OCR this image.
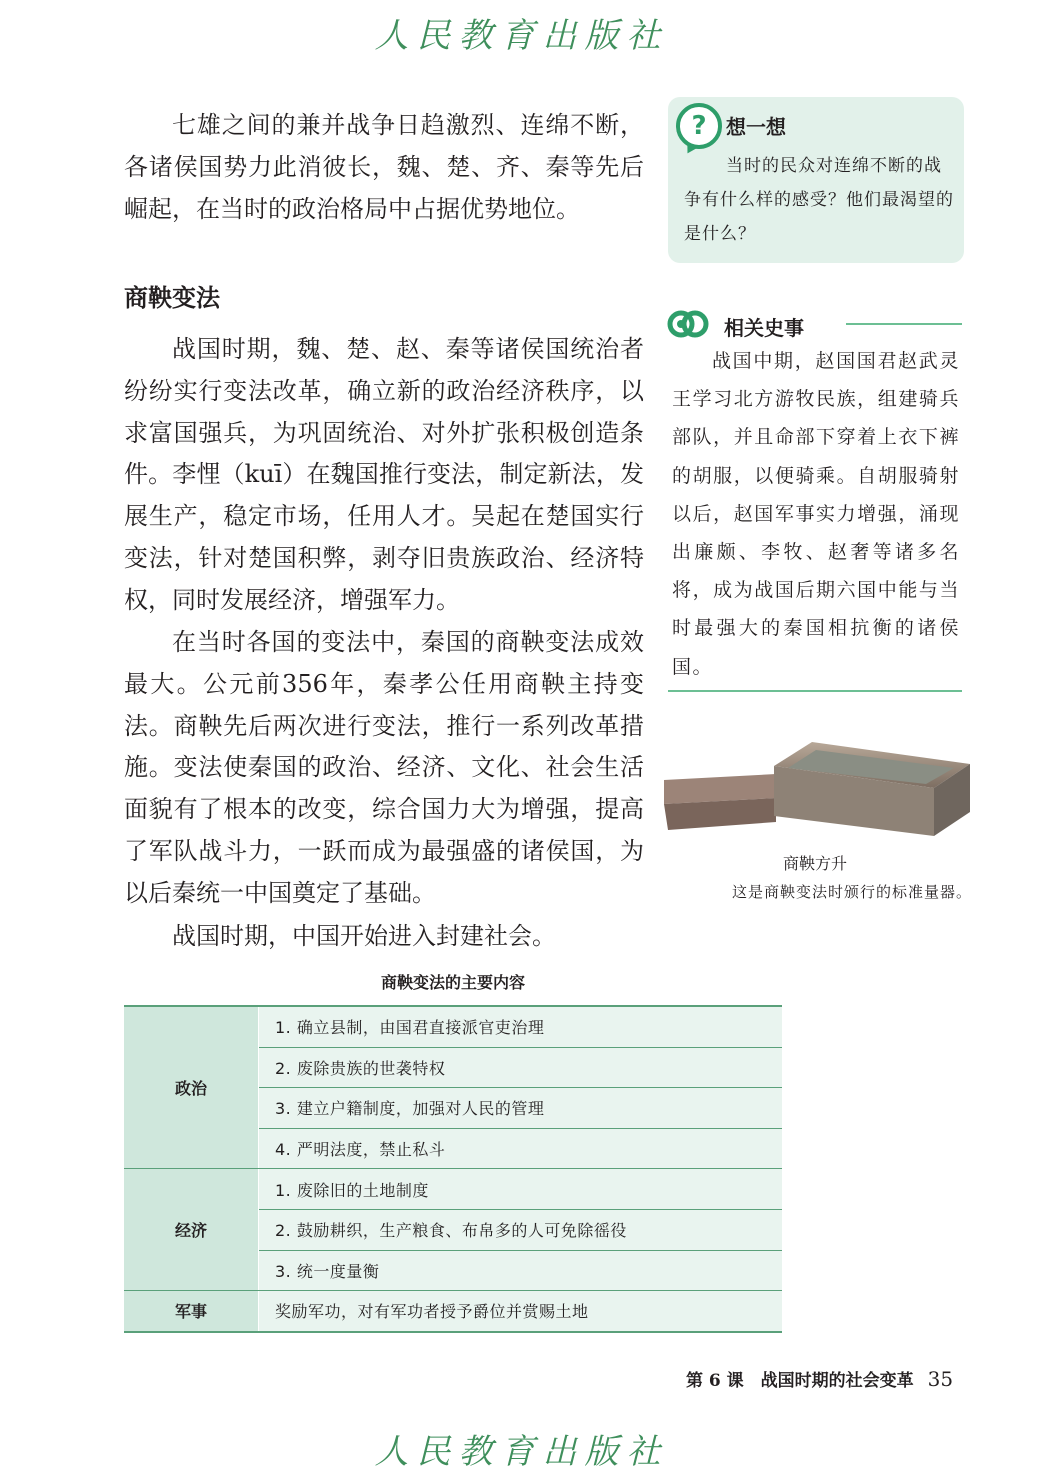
人民教育出版社

七雄之间的兼并战争日趋激烈、连绵不断，各诸侯国势力此消彼长，魏、楚、齐、秦等先后崛起，在当时的政治格局中占据优势地位。

商鞅变法

战国时期，魏、楚、赵、秦等诸侯国统治者纷纷实行变法改革，确立新的政治经济秩序，以求富国强兵，为巩固统治、对外扩张积极创造条件。李悝（kuī）在魏国推行变法，制定新法，发展生产，稳定市场，任用人才。吴起在楚国实行变法，针对楚国积弊，剥夺旧贵族政治、经济特权，同时发展经济，增强军力。

在当时各国的变法中，秦国的商鞅变法成效最大。公元前356年，秦孝公任用商鞅主持变法。商鞅先后两次进行变法，推行一系列改革措施。变法使秦国的政治、经济、文化、社会生活面貌有了根本的改变，综合国力大为增强，提高了军队战斗力，一跃而成为最强盛的诸侯国，为以后秦统一中国奠定了基础。

战国时期，中国开始进入封建社会。

? 想一想

当时的民众对连绵不断的战争有什么样的感受？他们最渴望的是什么？

相关史事

战国中期，赵国国君赵武灵王学习北方游牧民族，组建骑兵部队，并且命部下穿着上衣下裤的胡服，以便骑乘。自胡服骑射以后，赵国军事实力增强，涌现出廉颇、李牧、赵奢等诸多名将，成为战国后期六国中能与当时最强大的秦国相抗衡的诸侯国。

商鞅方升
这是商鞅变法时颁行的标准量器。
商鞅变法的主要内容
政治	1. 确立县制，由国君直接派官吏治理
	2. 废除贵族的世袭特权
	3. 建立户籍制度，加强对人民的管理
	4. 严明法度，禁止私斗
经济	1. 废除旧的土地制度
	2. 鼓励耕织，生产粮食、布帛多的人可免除徭役
	3. 统一度量衡
军事	奖励军功，对有军功者授予爵位并赏赐土地
第 6 课　战国时期的社会变革 35
人民教育出版社
